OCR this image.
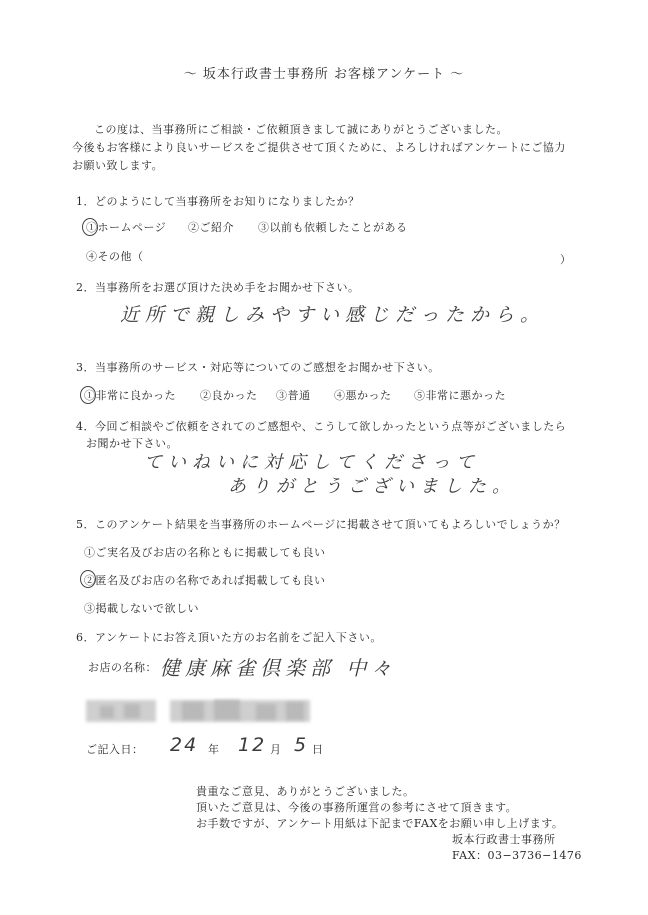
〜 坂本行政書士事務所 お客様アンケート 〜
この度は、当事務所にご相談・ご依頼頂きまして誠にありがとうございました。
今後もお客様により良いサービスをご提供させて頂くために、よろしければアンケートにご協力
お願い致します。
1．どのようにして当事務所をお知りになりましたか？
①ホームページ ②ご紹介 ③以前も依頼したことがある
④その他（	）
2．当事務所をお選び頂けた決め手をお聞かせ下さい。
近所で親しみやすい感じだったから。
3．当事務所のサービス・対応等についてのご感想をお聞かせ下さい。
①非常に良かった ②良かった ③普通 ④悪かった ⑤非常に悪かった
4．今回ご相談やご依頼をされてのご感想や、こうして欲しかったという点等がございましたら
お聞かせ下さい。
ていねいに対応してくださって
ありがとうございました。
5．このアンケート結果を当事務所のホームページに掲載させて頂いてもよろしいでしょうか？
①ご実名及びお店の名称ともに掲載しても良い
②匿名及びお店の名称であれば掲載しても良い
③掲載しないで欲しい
6．アンケートにお答え頂いた方のお名前をご記入下さい。
お店の名称： 健康麻雀倶楽部 中々
ご記入日： 24 年 12 月 5 日
貴重なご意見、ありがとうございました。
頂いたご意見は、今後の事務所運営の参考にさせて頂きます。
お手数ですが、アンケート用紙は下記までFAXをお願い申し上げます。
坂本行政書士事務所
FAX：03−3736−1476
